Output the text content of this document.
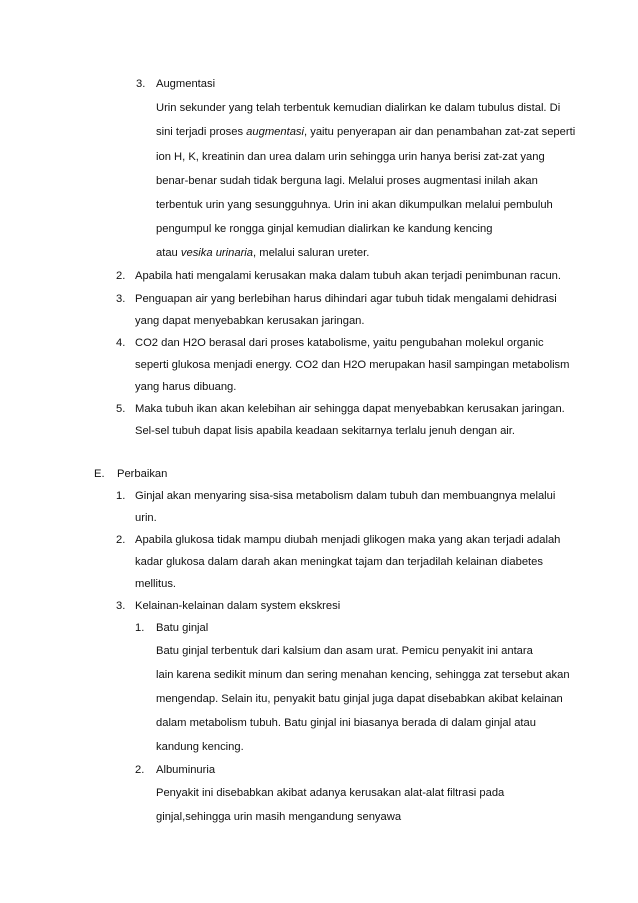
3. Augmentasi
Urin sekunder yang telah terbentuk kemudian dialirkan ke dalam tubulus distal. Di
sini terjadi proses augmentasi, yaitu penyerapan air dan penambahan zat-zat seperti
ion H, K, kreatinin dan urea dalam urin sehingga urin hanya berisi zat-zat yang
benar-benar sudah tidak berguna lagi. Melalui proses augmentasi inilah akan
terbentuk urin yang sesungguhnya. Urin ini akan dikumpulkan melalui pembuluh
pengumpul ke rongga ginjal kemudian dialirkan ke kandung kencing
atau vesika urinaria, melalui saluran ureter.
2. Apabila hati mengalami kerusakan maka dalam tubuh akan terjadi penimbunan racun.
3. Penguapan air yang berlebihan harus dihindari agar tubuh tidak mengalami dehidrasi
yang dapat menyebabkan kerusakan jaringan.
4. CO2 dan H2O berasal dari proses katabolisme, yaitu pengubahan molekul organic
seperti glukosa menjadi energy. CO2 dan H2O merupakan hasil sampingan metabolism
yang harus dibuang.
5. Maka tubuh ikan akan kelebihan air sehingga dapat menyebabkan kerusakan jaringan.
Sel-sel tubuh dapat lisis apabila keadaan sekitarnya terlalu jenuh dengan air.
E. Perbaikan
1. Ginjal akan menyaring sisa-sisa metabolism dalam tubuh dan membuangnya melalui
urin.
2. Apabila glukosa tidak mampu diubah menjadi glikogen maka yang akan terjadi adalah
kadar glukosa dalam darah akan meningkat tajam dan terjadilah kelainan diabetes
mellitus.
3. Kelainan-kelainan dalam system ekskresi
1. Batu ginjal
Batu ginjal terbentuk dari kalsium dan asam urat. Pemicu penyakit ini antara
lain karena sedikit minum dan sering menahan kencing, sehingga zat tersebut akan
mengendap. Selain itu, penyakit batu ginjal juga dapat disebabkan akibat kelainan
dalam metabolism tubuh. Batu ginjal ini biasanya berada di dalam ginjal atau
kandung kencing.
2. Albuminuria
Penyakit ini disebabkan akibat adanya kerusakan alat-alat filtrasi pada
ginjal,sehingga urin masih mengandung senyawa
